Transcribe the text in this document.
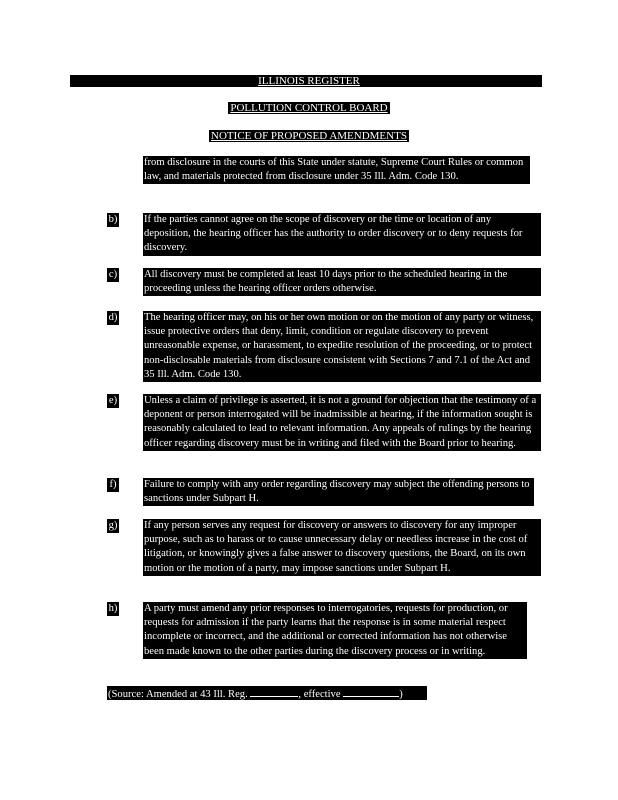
ILLINOIS REGISTER
POLLUTION CONTROL BOARD
NOTICE OF PROPOSED AMENDMENTS
from disclosure in the courts of this State under statute, Supreme Court Rules or common law, and materials protected from disclosure under 35 Ill. Adm. Code 130.
b)	If the parties cannot agree on the scope of discovery or the time or location of any deposition, the hearing officer has the authority to order discovery or to deny requests for discovery.
c)	All discovery must be completed at least 10 days prior to the scheduled hearing in the proceeding unless the hearing officer orders otherwise.
d)	The hearing officer may, on his or her own motion or on the motion of any party or witness, issue protective orders that deny, limit, condition or regulate discovery to prevent unreasonable expense, or harassment, to expedite resolution of the proceeding, or to protect non-disclosable materials from disclosure consistent with Sections 7 and 7.1 of the Act and 35 Ill. Adm. Code 130.
e)	Unless a claim of privilege is asserted, it is not a ground for objection that the testimony of a deponent or person interrogated will be inadmissible at hearing, if the information sought is reasonably calculated to lead to relevant information. Any appeals of rulings by the hearing officer regarding discovery must be in writing and filed with the Board prior to hearing.
f)	Failure to comply with any order regarding discovery may subject the offending persons to sanctions under Subpart H.
g)	If any person serves any request for discovery or answers to discovery for any improper purpose, such as to harass or to cause unnecessary delay or needless increase in the cost of litigation, or knowingly gives a false answer to discovery questions, the Board, on its own motion or the motion of a party, may impose sanctions under Subpart H.
h)	A party must amend any prior responses to interrogatories, requests for production, or requests for admission if the party learns that the response is in some material respect incomplete or incorrect, and the additional or corrected information has not otherwise been made known to the other parties during the discovery process or in writing.
(Source: Amended at 43 Ill. Reg.	, effective	)
